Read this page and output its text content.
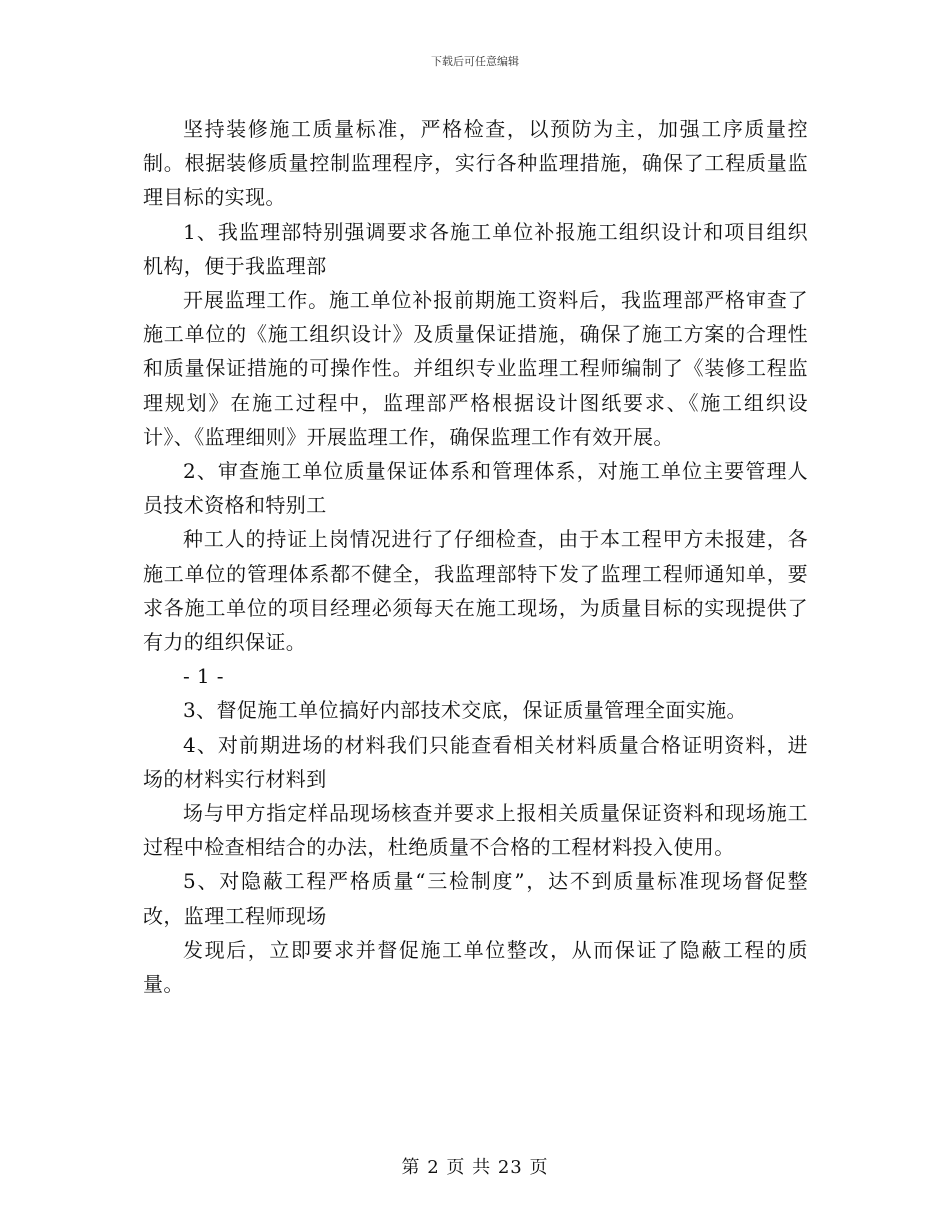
下载后可任意编辑

坚持装修施工质量标准，严格检查，以预防为主，加强工序质量控制。根据装修质量控制监理程序，实行各种监理措施，确保了工程质量监理目标的实现。

1、我监理部特别强调要求各施工单位补报施工组织设计和项目组织机构，便于我监理部

开展监理工作。施工单位补报前期施工资料后，我监理部严格审查了施工单位的《施工组织设计》及质量保证措施，确保了施工方案的合理性和质量保证措施的可操作性。并组织专业监理工程师编制了《装修工程监理规划》在施工过程中，监理部严格根据设计图纸要求、《施工组织设计》、《监理细则》开展监理工作，确保监理工作有效开展。

2、审查施工单位质量保证体系和管理体系，对施工单位主要管理人员技术资格和特别工

种工人的持证上岗情况进行了仔细检查，由于本工程甲方未报建，各施工单位的管理体系都不健全，我监理部特下发了监理工程师通知单，要求各施工单位的项目经理必须每天在施工现场，为质量目标的实现提供了有力的组织保证。

- 1 -

3、督促施工单位搞好内部技术交底，保证质量管理全面实施。

4、对前期进场的材料我们只能查看相关材料质量合格证明资料，进场的材料实行材料到

场与甲方指定样品现场核查并要求上报相关质量保证资料和现场施工过程中检查相结合的办法，杜绝质量不合格的工程材料投入使用。

5、对隐蔽工程严格质量“三检制度”，达不到质量标准现场督促整改，监理工程师现场

发现后，立即要求并督促施工单位整改，从而保证了隐蔽工程的质量。

第 2 页 共 23 页
